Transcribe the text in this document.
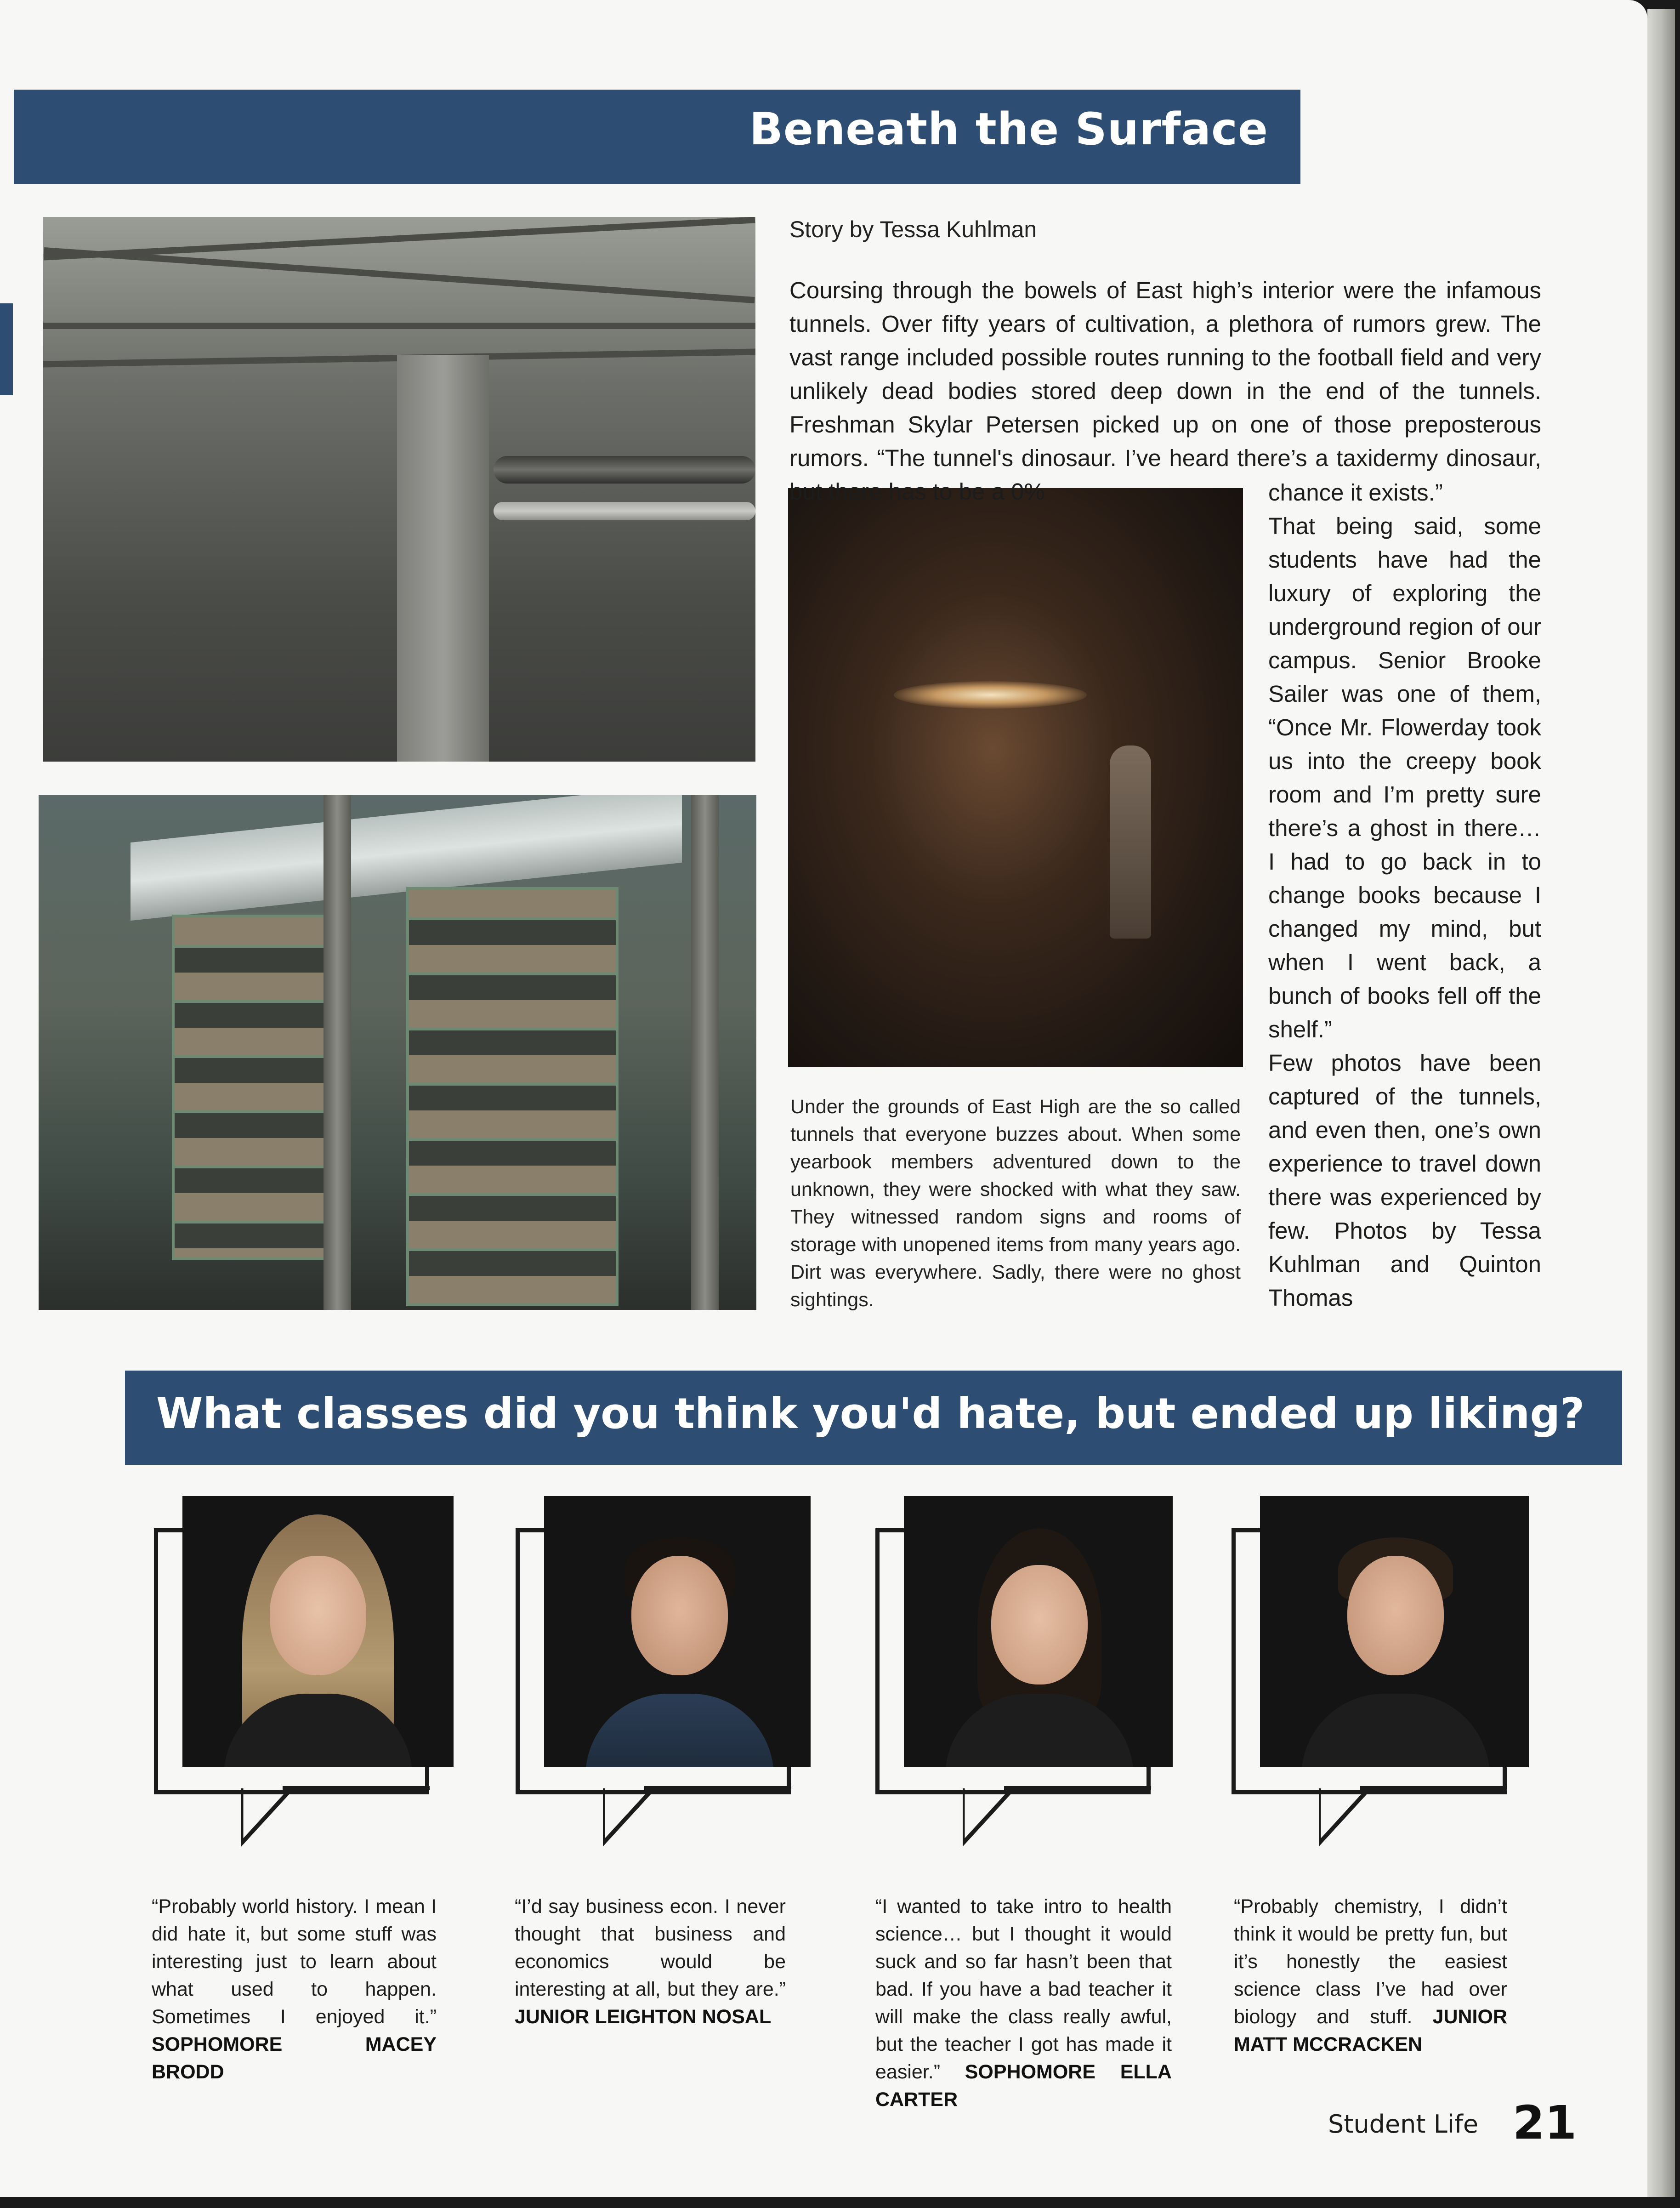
Beneath the Surface
Story by Tessa Kuhlman

Coursing through the bowels of East high’s interior were the infamous tunnels. Over fifty years of cultivation, a plethora of rumors grew. The vast range included possible routes running to the football field and very unlikely dead bodies stored deep down in the end of the tunnels. Freshman Skylar Petersen picked up on one of those preposterous rumors. “The tunnel's dinosaur. I’ve heard there’s a taxidermy dinosaur, but there has to be a 0%	chance it exists.”

That being said, some students have had the luxury of exploring the underground region of our campus. Senior Brooke Sailer was one of them, “Once Mr. Flowerday took us into the creepy book room and I’m pretty sure there’s a ghost in there… I had to go back in to change books because I changed my mind, but when I went back, a bunch of books fell off the shelf.”

Few photos have been captured of the tunnels, and even then, one’s own experience to travel down there was experienced by few. Photos by Tessa Kuhlman and Quinton Thomas

Under the grounds of East High are the so called tunnels that everyone buzzes about. When some yearbook members adventured down to the unknown, they were shocked with what they saw. They witnessed random signs and rooms of storage with unopened items from many years ago. Dirt was everywhere. Sadly, there were no ghost sightings.
What classes did you think you'd hate, but ended up liking?
“Probably world history. I mean I did hate it, but some stuff was interesting just to learn about what used to happen. Sometimes I enjoyed it.” SOPHOMORE MACEY BRODD
“I’d say business econ. I never thought that business and economics would be interesting at all, but they are.” JUNIOR LEIGHTON NOSAL
“I wanted to take intro to health science… but I thought it would suck and so far hasn’t been that bad. If you have a bad teacher it will make the class really awful, but the teacher I got has made it easier.” SOPHOMORE ELLA CARTER
“Probably chemistry, I didn’t think it would be pretty fun, but it’s honestly the easiest science class I’ve had over biology and stuff. JUNIOR MATT MCCRACKEN
Student Life 21
